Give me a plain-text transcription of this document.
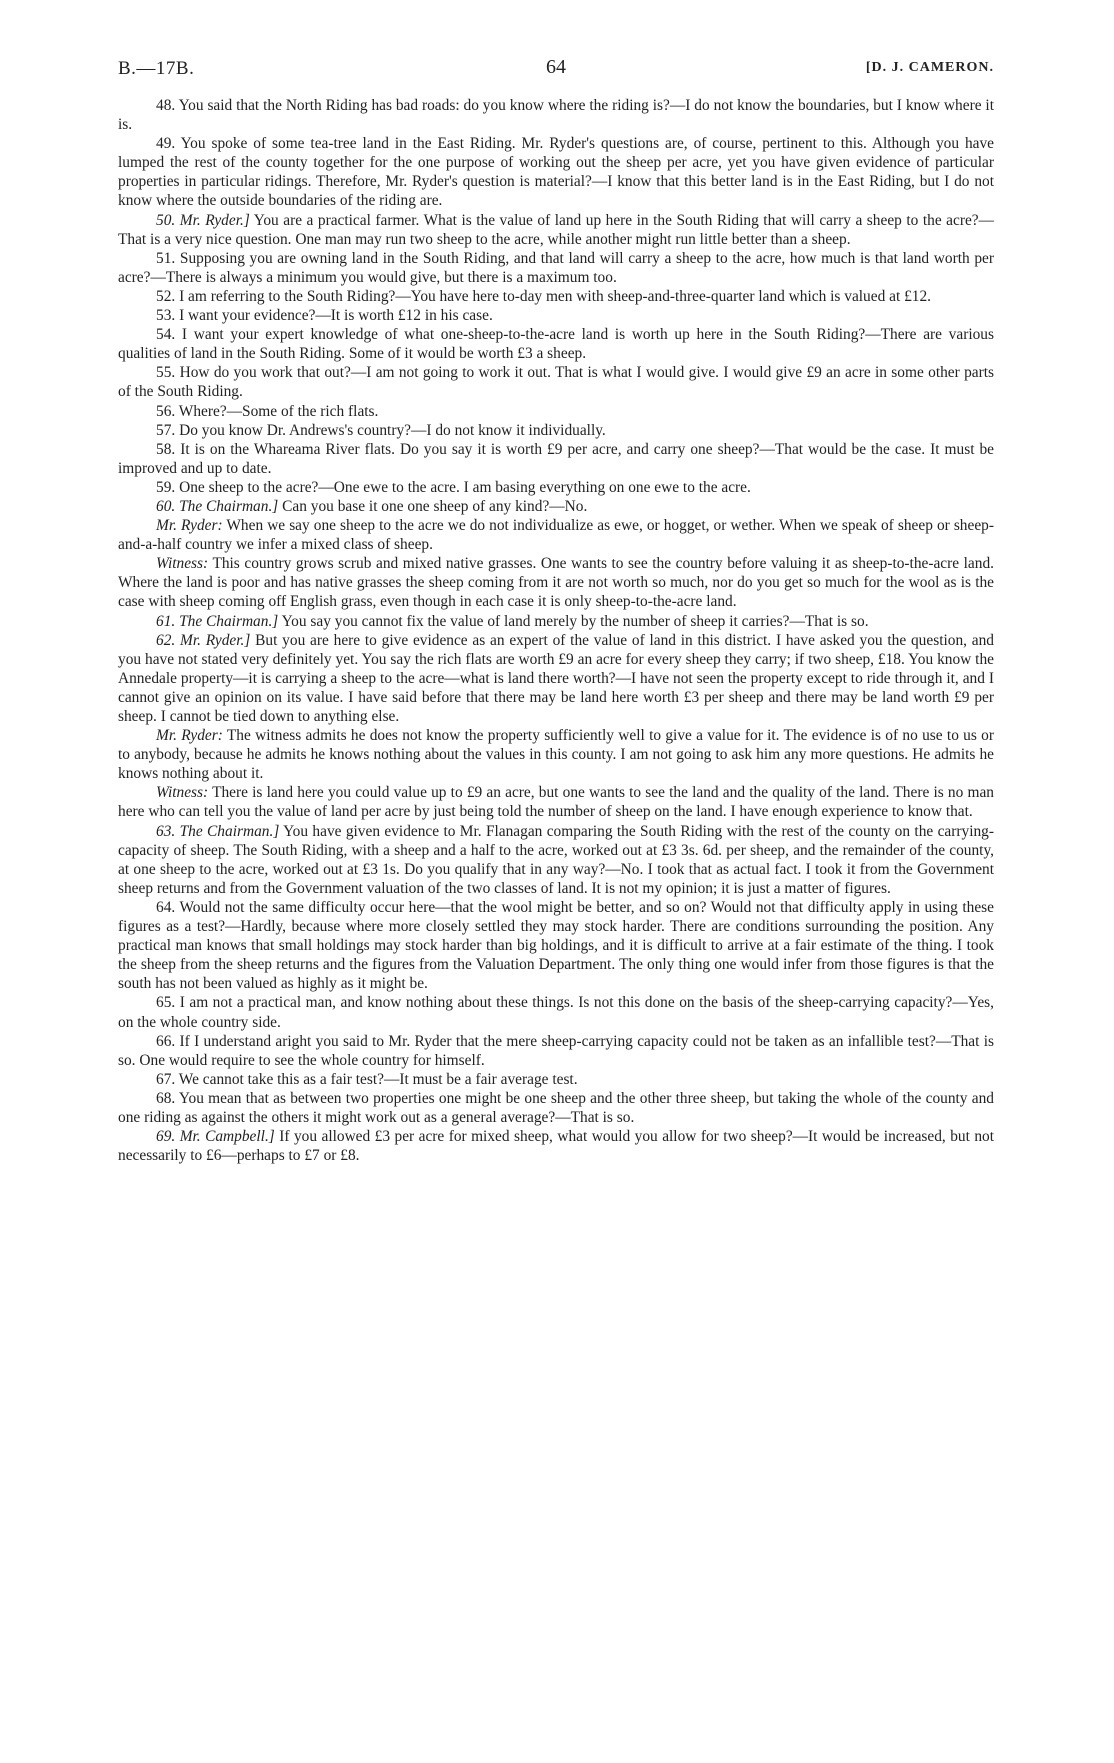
B.—17B.	64	[D. J. CAMERON.

48. You said that the North Riding has bad roads: do you know where the riding is?—I do not know the boundaries, but I know where it is.

49. You spoke of some tea-tree land in the East Riding. Mr. Ryder's questions are, of course, pertinent to this. Although you have lumped the rest of the county together for the one purpose of working out the sheep per acre, yet you have given evidence of particular properties in particular ridings. Therefore, Mr. Ryder's question is material?—I know that this better land is in the East Riding, but I do not know where the outside boundaries of the riding are.

50. Mr. Ryder.] You are a practical farmer. What is the value of land up here in the South Riding that will carry a sheep to the acre?—That is a very nice question. One man may run two sheep to the acre, while another might run little better than a sheep.

51. Supposing you are owning land in the South Riding, and that land will carry a sheep to the acre, how much is that land worth per acre?—There is always a minimum you would give, but there is a maximum too.

52. I am referring to the South Riding?—You have here to-day men with sheep-and-three-quarter land which is valued at £12.

53. I want your evidence?—It is worth £12 in his case.

54. I want your expert knowledge of what one-sheep-to-the-acre land is worth up here in the South Riding?—There are various qualities of land in the South Riding. Some of it would be worth £3 a sheep.

55. How do you work that out?—I am not going to work it out. That is what I would give. I would give £9 an acre in some other parts of the South Riding.

56. Where?—Some of the rich flats.

57. Do you know Dr. Andrews's country?—I do not know it individually.

58. It is on the Whareama River flats. Do you say it is worth £9 per acre, and carry one sheep?—That would be the case. It must be improved and up to date.

59. One sheep to the acre?—One ewe to the acre. I am basing everything on one ewe to the acre.

60. The Chairman.] Can you base it one one sheep of any kind?—No.

Mr. Ryder: When we say one sheep to the acre we do not individualize as ewe, or hogget, or wether. When we speak of sheep or sheep-and-a-half country we infer a mixed class of sheep.

Witness: This country grows scrub and mixed native grasses. One wants to see the country before valuing it as sheep-to-the-acre land. Where the land is poor and has native grasses the sheep coming from it are not worth so much, nor do you get so much for the wool as is the case with sheep coming off English grass, even though in each case it is only sheep-to-the-acre land.

61. The Chairman.] You say you cannot fix the value of land merely by the number of sheep it carries?—That is so.

62. Mr. Ryder.] But you are here to give evidence as an expert of the value of land in this district. I have asked you the question, and you have not stated very definitely yet. You say the rich flats are worth £9 an acre for every sheep they carry; if two sheep, £18. You know the Annedale property—it is carrying a sheep to the acre—what is land there worth?—I have not seen the property except to ride through it, and I cannot give an opinion on its value. I have said before that there may be land here worth £3 per sheep and there may be land worth £9 per sheep. I cannot be tied down to anything else.

Mr. Ryder: The witness admits he does not know the property sufficiently well to give a value for it. The evidence is of no use to us or to anybody, because he admits he knows nothing about the values in this county. I am not going to ask him any more questions. He admits he knows nothing about it.

Witness: There is land here you could value up to £9 an acre, but one wants to see the land and the quality of the land. There is no man here who can tell you the value of land per acre by just being told the number of sheep on the land. I have enough experience to know that.

63. The Chairman.] You have given evidence to Mr. Flanagan comparing the South Riding with the rest of the county on the carrying-capacity of sheep. The South Riding, with a sheep and a half to the acre, worked out at £3 3s. 6d. per sheep, and the remainder of the county, at one sheep to the acre, worked out at £3 1s. Do you qualify that in any way?—No. I took that as actual fact. I took it from the Government sheep returns and from the Government valuation of the two classes of land. It is not my opinion; it is just a matter of figures.

64. Would not the same difficulty occur here—that the wool might be better, and so on? Would not that difficulty apply in using these figures as a test?—Hardly, because where more closely settled they may stock harder. There are conditions surrounding the position. Any practical man knows that small holdings may stock harder than big holdings, and it is difficult to arrive at a fair estimate of the thing. I took the sheep from the sheep returns and the figures from the Valuation Department. The only thing one would infer from those figures is that the south has not been valued as highly as it might be.

65. I am not a practical man, and know nothing about these things. Is not this done on the basis of the sheep-carrying capacity?—Yes, on the whole country side.

66. If I understand aright you said to Mr. Ryder that the mere sheep-carrying capacity could not be taken as an infallible test?—That is so. One would require to see the whole country for himself.

67. We cannot take this as a fair test?—It must be a fair average test.

68. You mean that as between two properties one might be one sheep and the other three sheep, but taking the whole of the county and one riding as against the others it might work out as a general average?—That is so.

69. Mr. Campbell.] If you allowed £3 per acre for mixed sheep, what would you allow for two sheep?—It would be increased, but not necessarily to £6—perhaps to £7 or £8.
